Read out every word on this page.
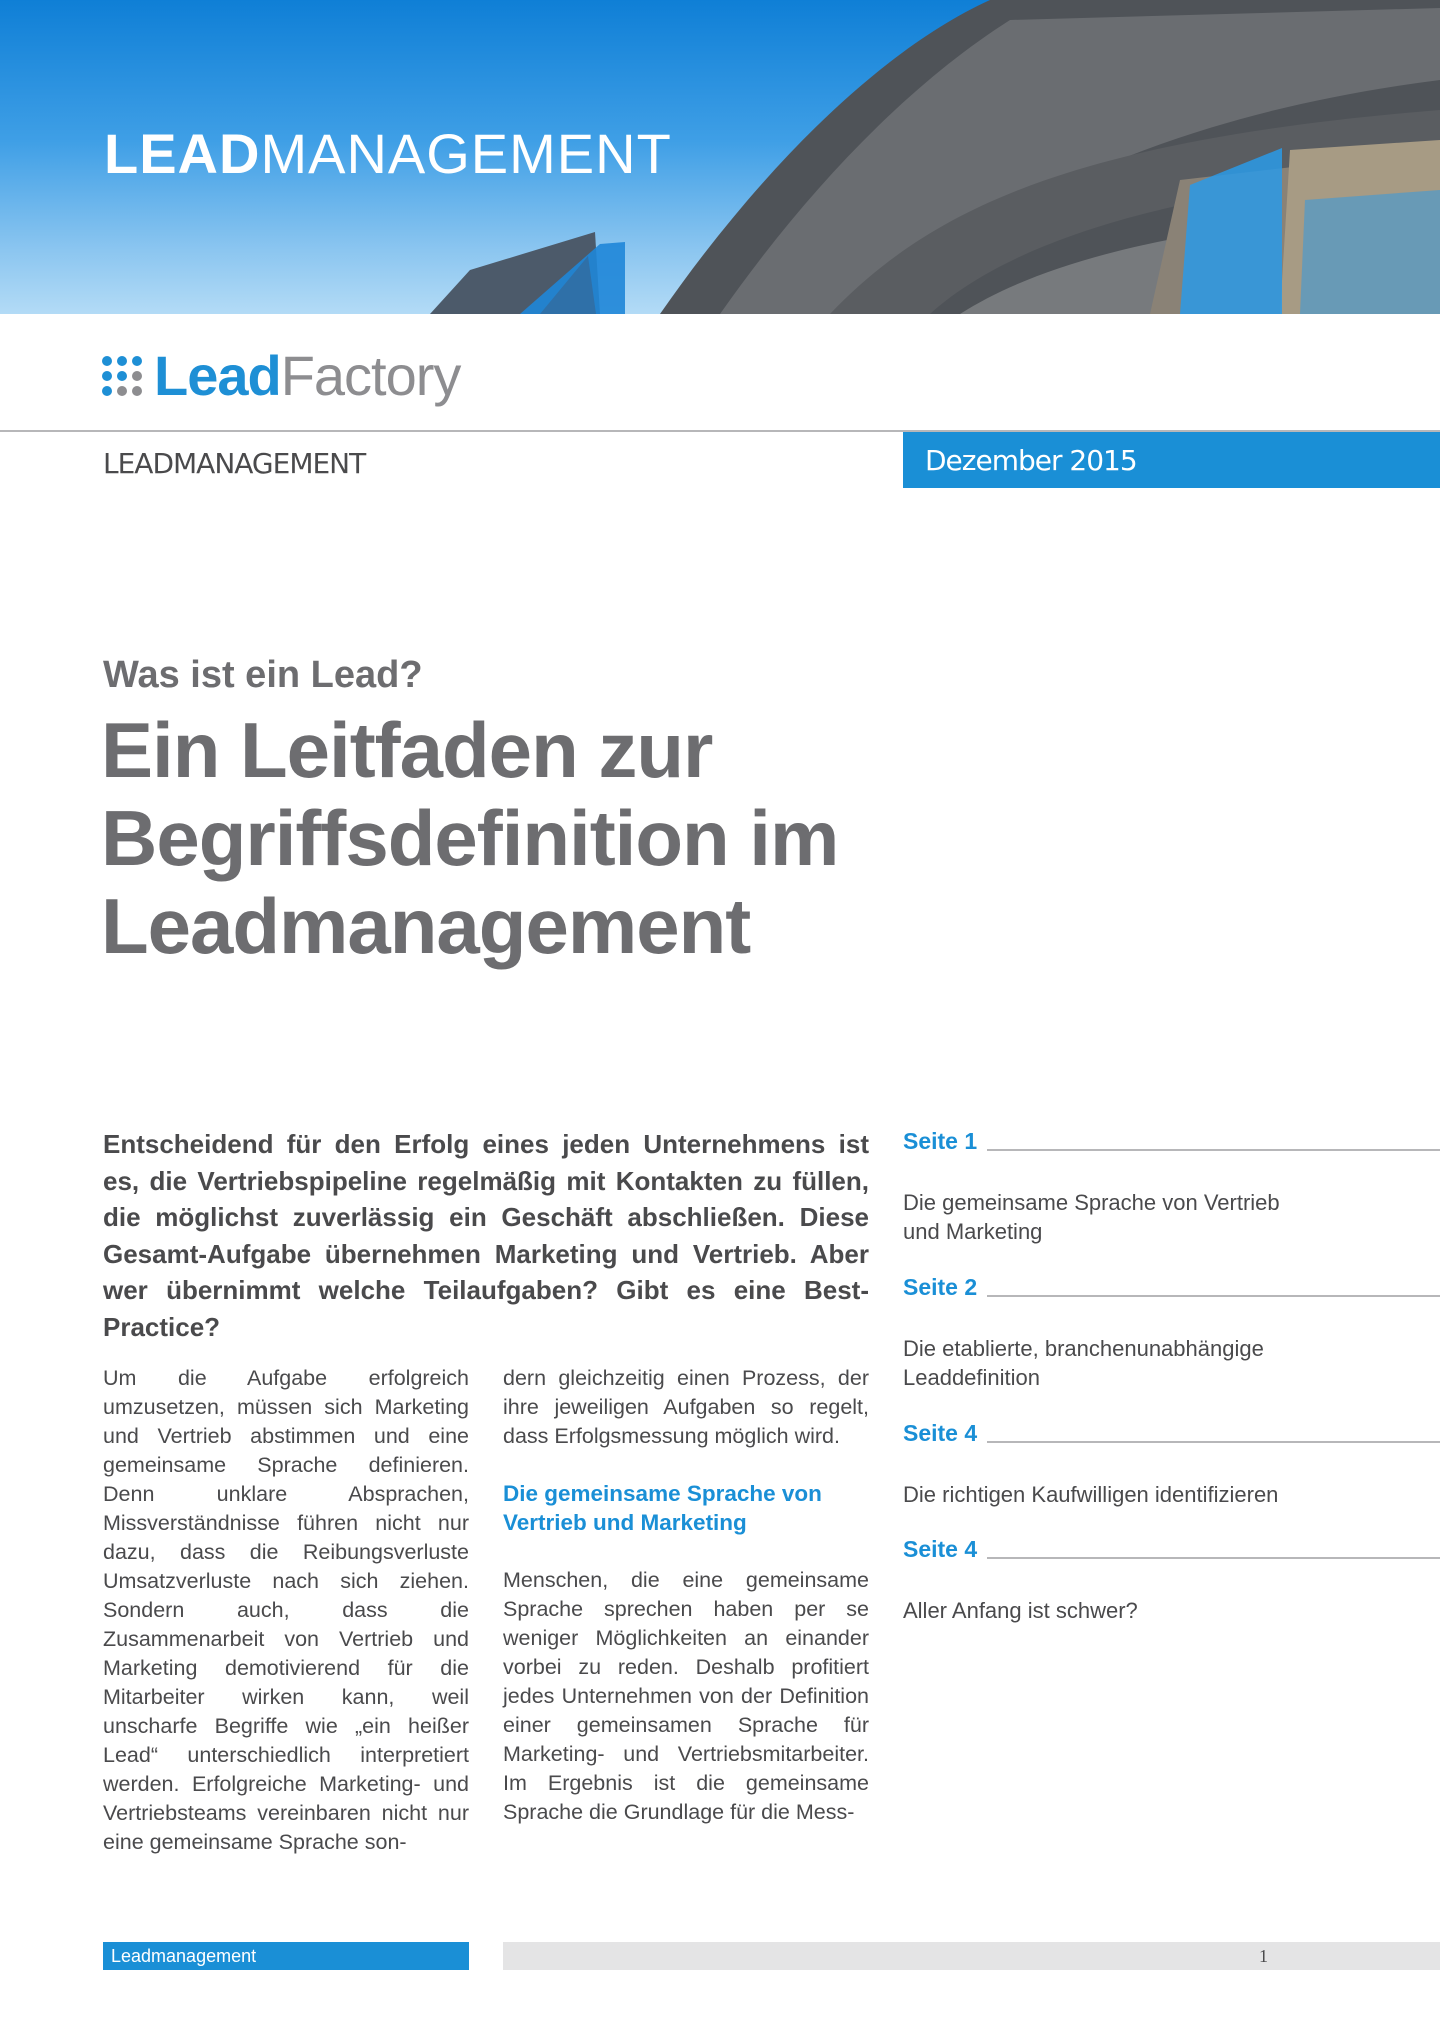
LEADMANAGEMENT
LeadFactory
LEADMANAGEMENT	Dezember 2015
Was ist ein Lead?
Ein Leitfaden zur Begriffsdefinition im Leadmanagement
Entscheidend für den Erfolg eines jeden Unternehmens ist es, die Vertriebspipeline regelmäßig mit Kontakten zu füllen, die möglichst zuverlässig ein Geschäft abschließen. Diese Gesamt-Aufgabe übernehmen Marketing und Vertrieb. Aber wer übernimmt welche Teilaufgaben? Gibt es eine Best-Practice?

Um die Aufgabe erfolgreich umzusetzen, müssen sich Marketing und Vertrieb abstimmen und eine gemeinsame Sprache definieren. Denn unklare Absprachen, Missverständnisse führen nicht nur dazu, dass die Reibungsverluste Umsatzverluste nach sich ziehen. Sondern auch, dass die Zusammenarbeit von Vertrieb und Marketing demotivierend für die Mitarbeiter wirken kann, weil unscharfe Begriffe wie „ein heißer Lead“ unterschiedlich interpretiert werden. Erfolgreiche Marketing- und Vertriebsteams vereinbaren nicht nur eine gemeinsame Sprache son-

dern gleichzeitig einen Prozess, der ihre jeweiligen Aufgaben so regelt, dass Erfolgsmessung möglich wird.

Die gemeinsame Sprache von Vertrieb und Marketing

Menschen, die eine gemeinsame Sprache sprechen haben per se weniger Möglichkeiten an einander vorbei zu reden. Deshalb profitiert jedes Unternehmen von der Definition einer gemeinsamen Sprache für Marketing- und Vertriebsmitarbeiter. Im Ergebnis ist die gemeinsame Sprache die Grundlage für die Mess-

Seite 1
Die gemeinsame Sprache von Vertrieb und Marketing
Seite 2
Die etablierte, branchenunabhängige Leaddefinition
Seite 4
Die richtigen Kaufwilligen identifizieren
Seite 4
Aller Anfang ist schwer?
Leadmanagement	1
